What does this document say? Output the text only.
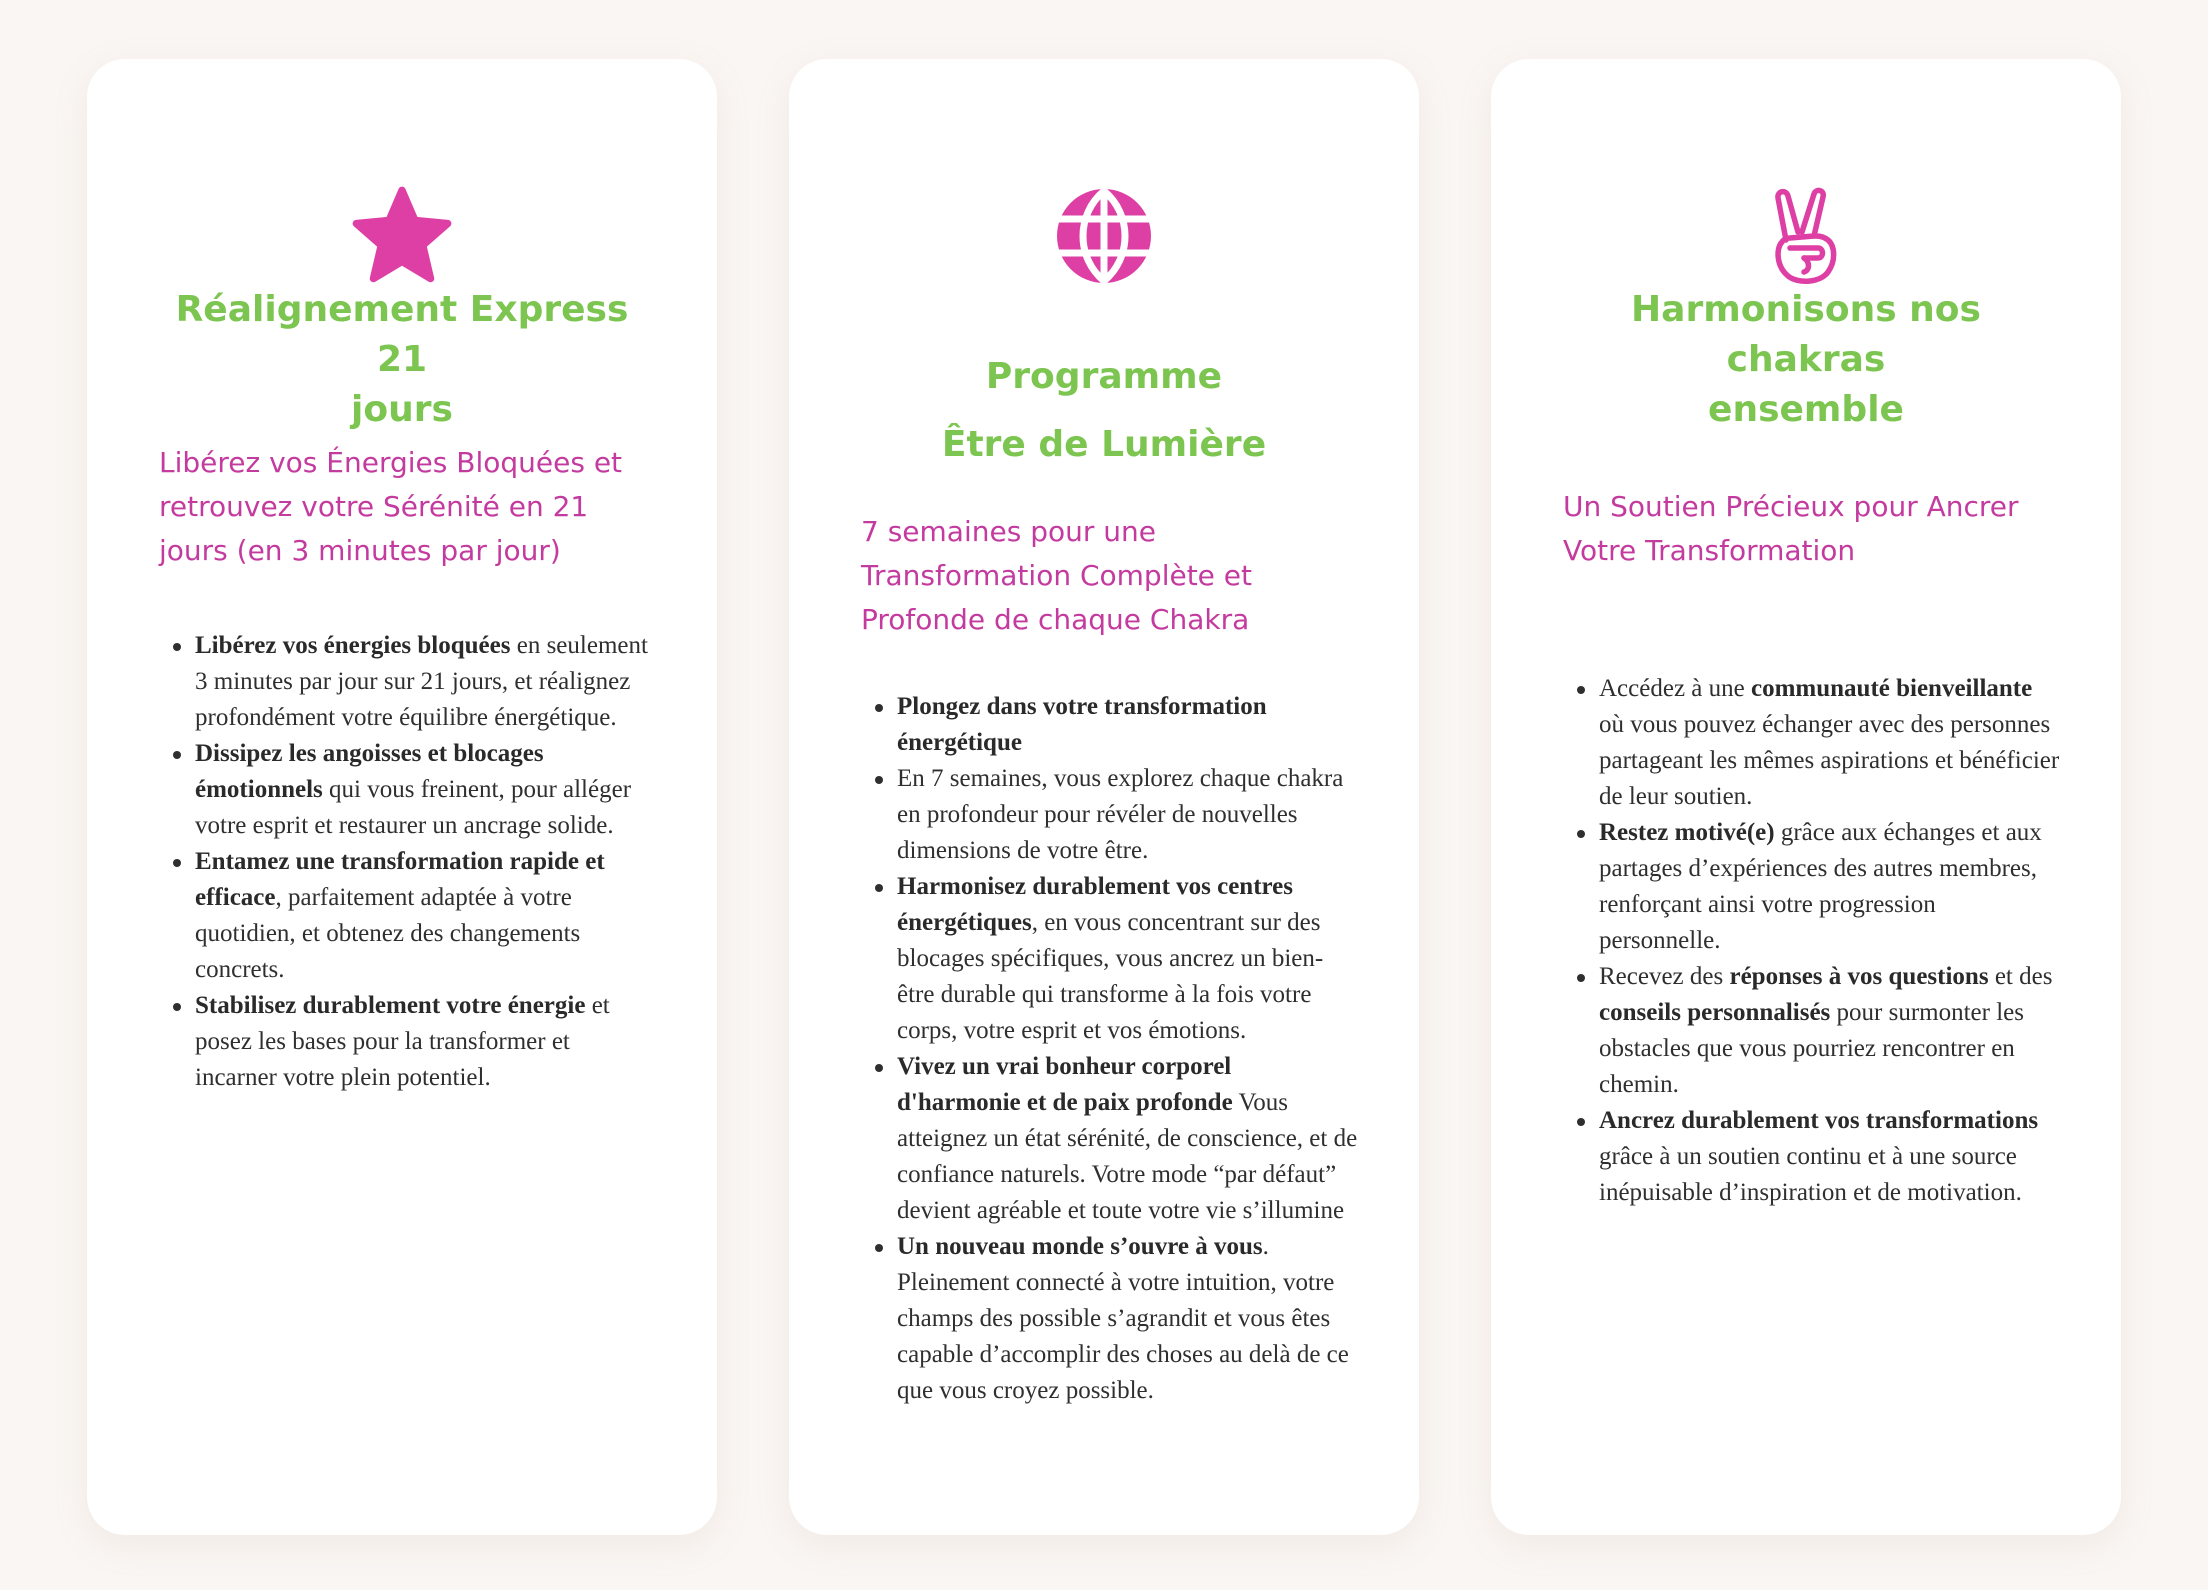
Réalignement Express 21
jours

Libérez vos Énergies Bloquées et
retrouvez votre Sérénité en 21
jours (en 3 minutes par jour)

Libérez vos énergies bloquées en seulement 3 minutes par jour sur 21 jours, et réalignez profondément votre équilibre énergétique.
Dissipez les angoisses et blocages émotionnels qui vous freinent, pour alléger votre esprit et restaurer un ancrage solide.
Entamez une transformation rapide et efficace, parfaitement adaptée à votre quotidien, et obtenez des changements concrets.
Stabilisez durablement votre énergie et posez les bases pour la transformer et incarner votre plein potentiel.
Programme
Être de Lumière

7 semaines pour une
Transformation Complète et
Profonde de chaque Chakra

Plongez dans votre transformation énergétique
En 7 semaines, vous explorez chaque chakra en profondeur pour révéler de nouvelles dimensions de votre être.
Harmonisez durablement vos centres énergétiques, en vous concentrant sur des blocages spécifiques, vous ancrez un bien-être durable qui transforme à la fois votre corps, votre esprit et vos émotions.
Vivez un vrai bonheur corporel d'harmonie et de paix profonde Vous atteignez un état sérénité, de conscience, et de confiance naturels. Votre mode “par défaut” devient agréable et toute votre vie s’illumine
Un nouveau monde s’ouvre à vous. Pleinement connecté à votre intuition, votre champs des possible s’agrandit et vous êtes capable d’accomplir des choses au delà de ce que vous croyez possible.
Harmonisons nos chakras
ensemble

Un Soutien Précieux pour Ancrer
Votre Transformation

Accédez à une communauté bienveillante où vous pouvez échanger avec des personnes partageant les mêmes aspirations et bénéficier de leur soutien.
Restez motivé(e) grâce aux échanges et aux partages d’expériences des autres membres, renforçant ainsi votre progression personnelle.
Recevez des réponses à vos questions et des conseils personnalisés pour surmonter les obstacles que vous pourriez rencontrer en chemin.
Ancrez durablement vos transformations grâce à un soutien continu et à une source inépuisable d’inspiration et de motivation.
